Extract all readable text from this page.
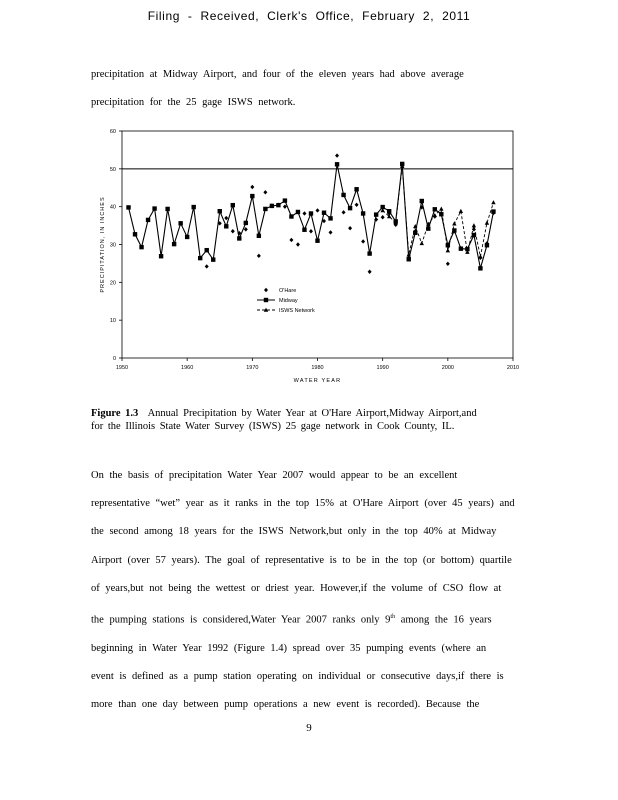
Filing - Received, Clerk's Office, February 2, 2011

precipitation at Midway Airport, and four of the eleven years had above average

precipitation for the 25 gage ISWS network.

0
10
20
30
40
50
60
1950	1960	1970	1980	1990	2000	2010
WATER YEAR
PRECIPITATION, IN INCHES
Midway
O'Hare
ISWS Network
Figure 1.3 Annual Precipitation by Water Year at O'Hare Airport,Midway Airport,and
for the Illinois State Water Survey (ISWS) 25 gage network in Cook County, IL.

On the basis of precipitation Water Year 2007 would appear to be an excellent

representative “wet” year as it ranks in the top 15% at O'Hare Airport (over 45 years) and

the second among 18 years for the ISWS Network,but only in the top 40% at Midway

Airport (over 57 years). The goal of representative is to be in the top (or bottom) quartile

of years,but not being the wettest or driest year. However,if the volume of CSO flow at

the pumping stations is considered,Water Year 2007 ranks only 9th among the 16 years

beginning in Water Year 1992 (Figure 1.4) spread over 35 pumping events (where an

event is defined as a pump station operating on individual or consecutive days,if there is

more than one day between pump operations a new event is recorded). Because the

9
